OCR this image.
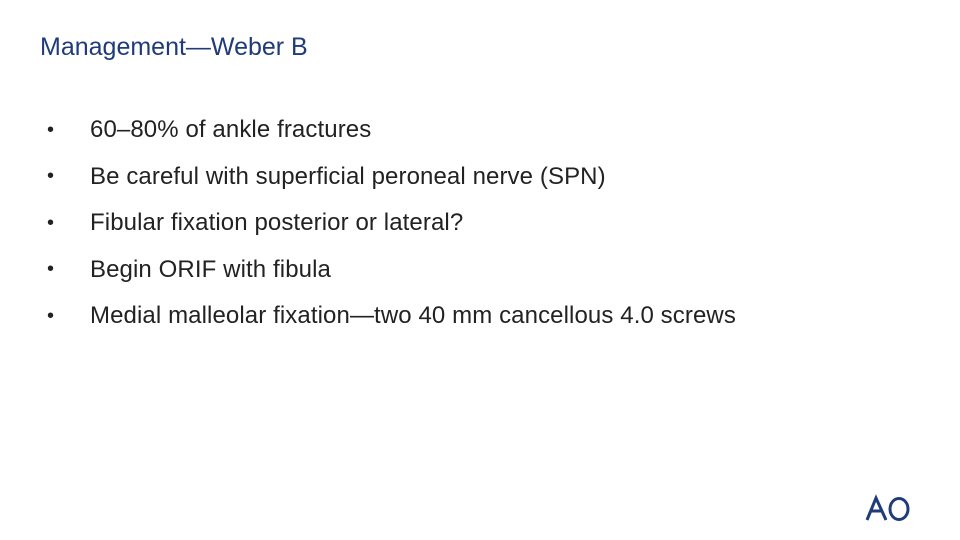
Management—Weber B
•	60–80% of ankle fractures
•	Be careful with superficial peroneal nerve (SPN)
•	Fibular fixation posterior or lateral?
•	Begin ORIF with fibula
•	Medial malleolar fixation—two 40 mm cancellous 4.0 screws
